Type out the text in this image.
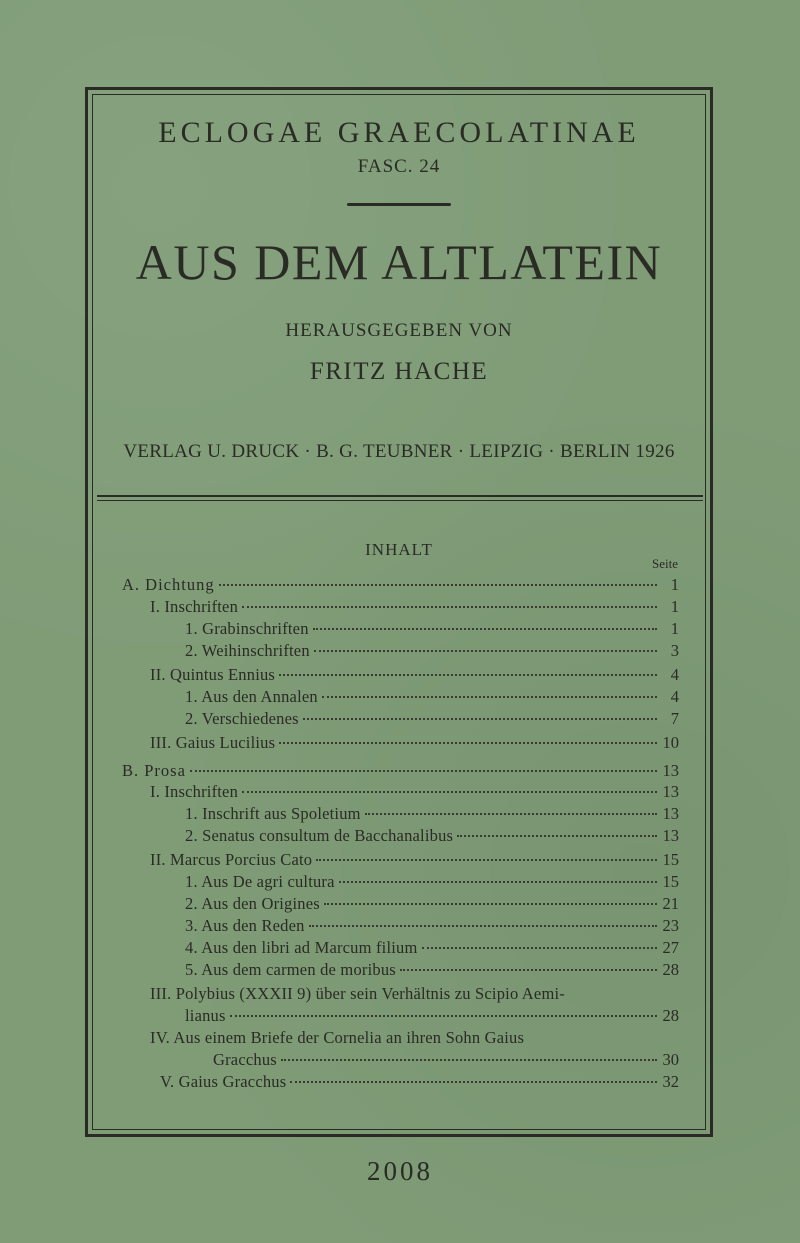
ECLOGAE GRAECOLATINAE
FASC. 24
AUS DEM ALTLATEIN
HERAUSGEGEBEN VON
FRITZ HACHE
VERLAG U. DRUCK · B. G. TEUBNER · LEIPZIG · BERLIN 1926
INHALT
Seite
A. Dichtung	1
I. Inschriften	1
1. Grabinschriften	1
2. Weihinschriften	3
II. Quintus Ennius	4
1. Aus den Annalen	4
2. Verschiedenes	7
III. Gaius Lucilius	10
B. Prosa	13
I. Inschriften	13
1. Inschrift aus Spoletium	13
2. Senatus consultum de Bacchanalibus	13
II. Marcus Porcius Cato	15
1. Aus De agri cultura	15
2. Aus den Origines	21
3. Aus den Reden	23
4. Aus den libri ad Marcum filium	27
5. Aus dem carmen de moribus	28
III. Polybius (XXXII 9) über sein Verhältnis zu Scipio Aemi-
lianus	28
IV. Aus einem Briefe der Cornelia an ihren Sohn Gaius
Gracchus	30
V. Gaius Gracchus	32
2008
